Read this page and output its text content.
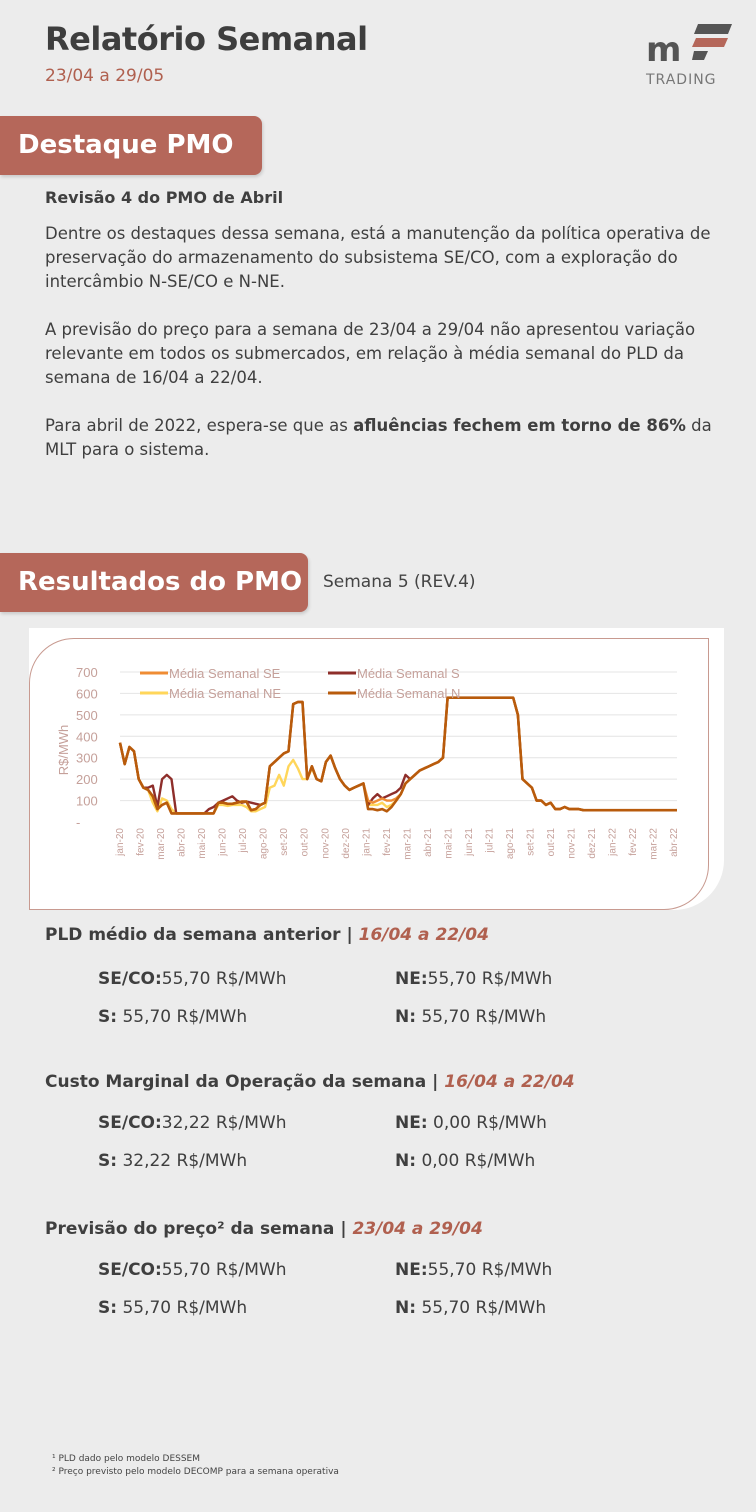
Relatório Semanal
23/04 a 29/05
m
TRADING
Destaque PMO
Revisão 4 do PMO de Abril
Dentre os destaques dessa semana, está a manutenção da política operativa de preservação do armazenamento do subsistema SE/CO, com a exploração do intercâmbio N-SE/CO e N-NE.
A previsão do preço para a semana de 23/04 a 29/04 não apresentou variação relevante em todos os submercados, em relação à média semanal do PLD da semana de 16/04 a 22/04.
Para abril de 2022, espera-se que as afluências fechem em torno de 86% da MLT para o sistema.
Resultados do PMO	Semana 5 (REV.4)
-
100
200
300
400
500
600
700
R$/MWh
jan-20 fev-20 mar-20 abr-20 mai-20 jun-20 jul-20 ago-20 set-20 out-20 nov-20 dez-20 jan-21 fev-21 mar-21 abr-21 mai-21 jun-21 jul-21 ago-21 set-21 out-21 nov-21 dez-21 jan-22 fev-22 mar-22 abr-22
Média Semanal SE	Média Semanal S
Média Semanal NE	Média Semanal N
PLD médio da semana anterior | 16/04 a 22/04
SE/CO:55,70 R$/MWh	NE:55,70 R$/MWh
S: 55,70 R$/MWh	N: 55,70 R$/MWh
Custo Marginal da Operação da semana | 16/04 a 22/04
SE/CO:32,22 R$/MWh	NE: 0,00 R$/MWh
S: 32,22 R$/MWh	N: 0,00 R$/MWh
Previsão do preço² da semana | 23/04 a 29/04
SE/CO:55,70 R$/MWh	NE:55,70 R$/MWh
S: 55,70 R$/MWh	N: 55,70 R$/MWh
¹ PLD dado pelo modelo DESSEM
² Preço previsto pelo modelo DECOMP para a semana operativa
